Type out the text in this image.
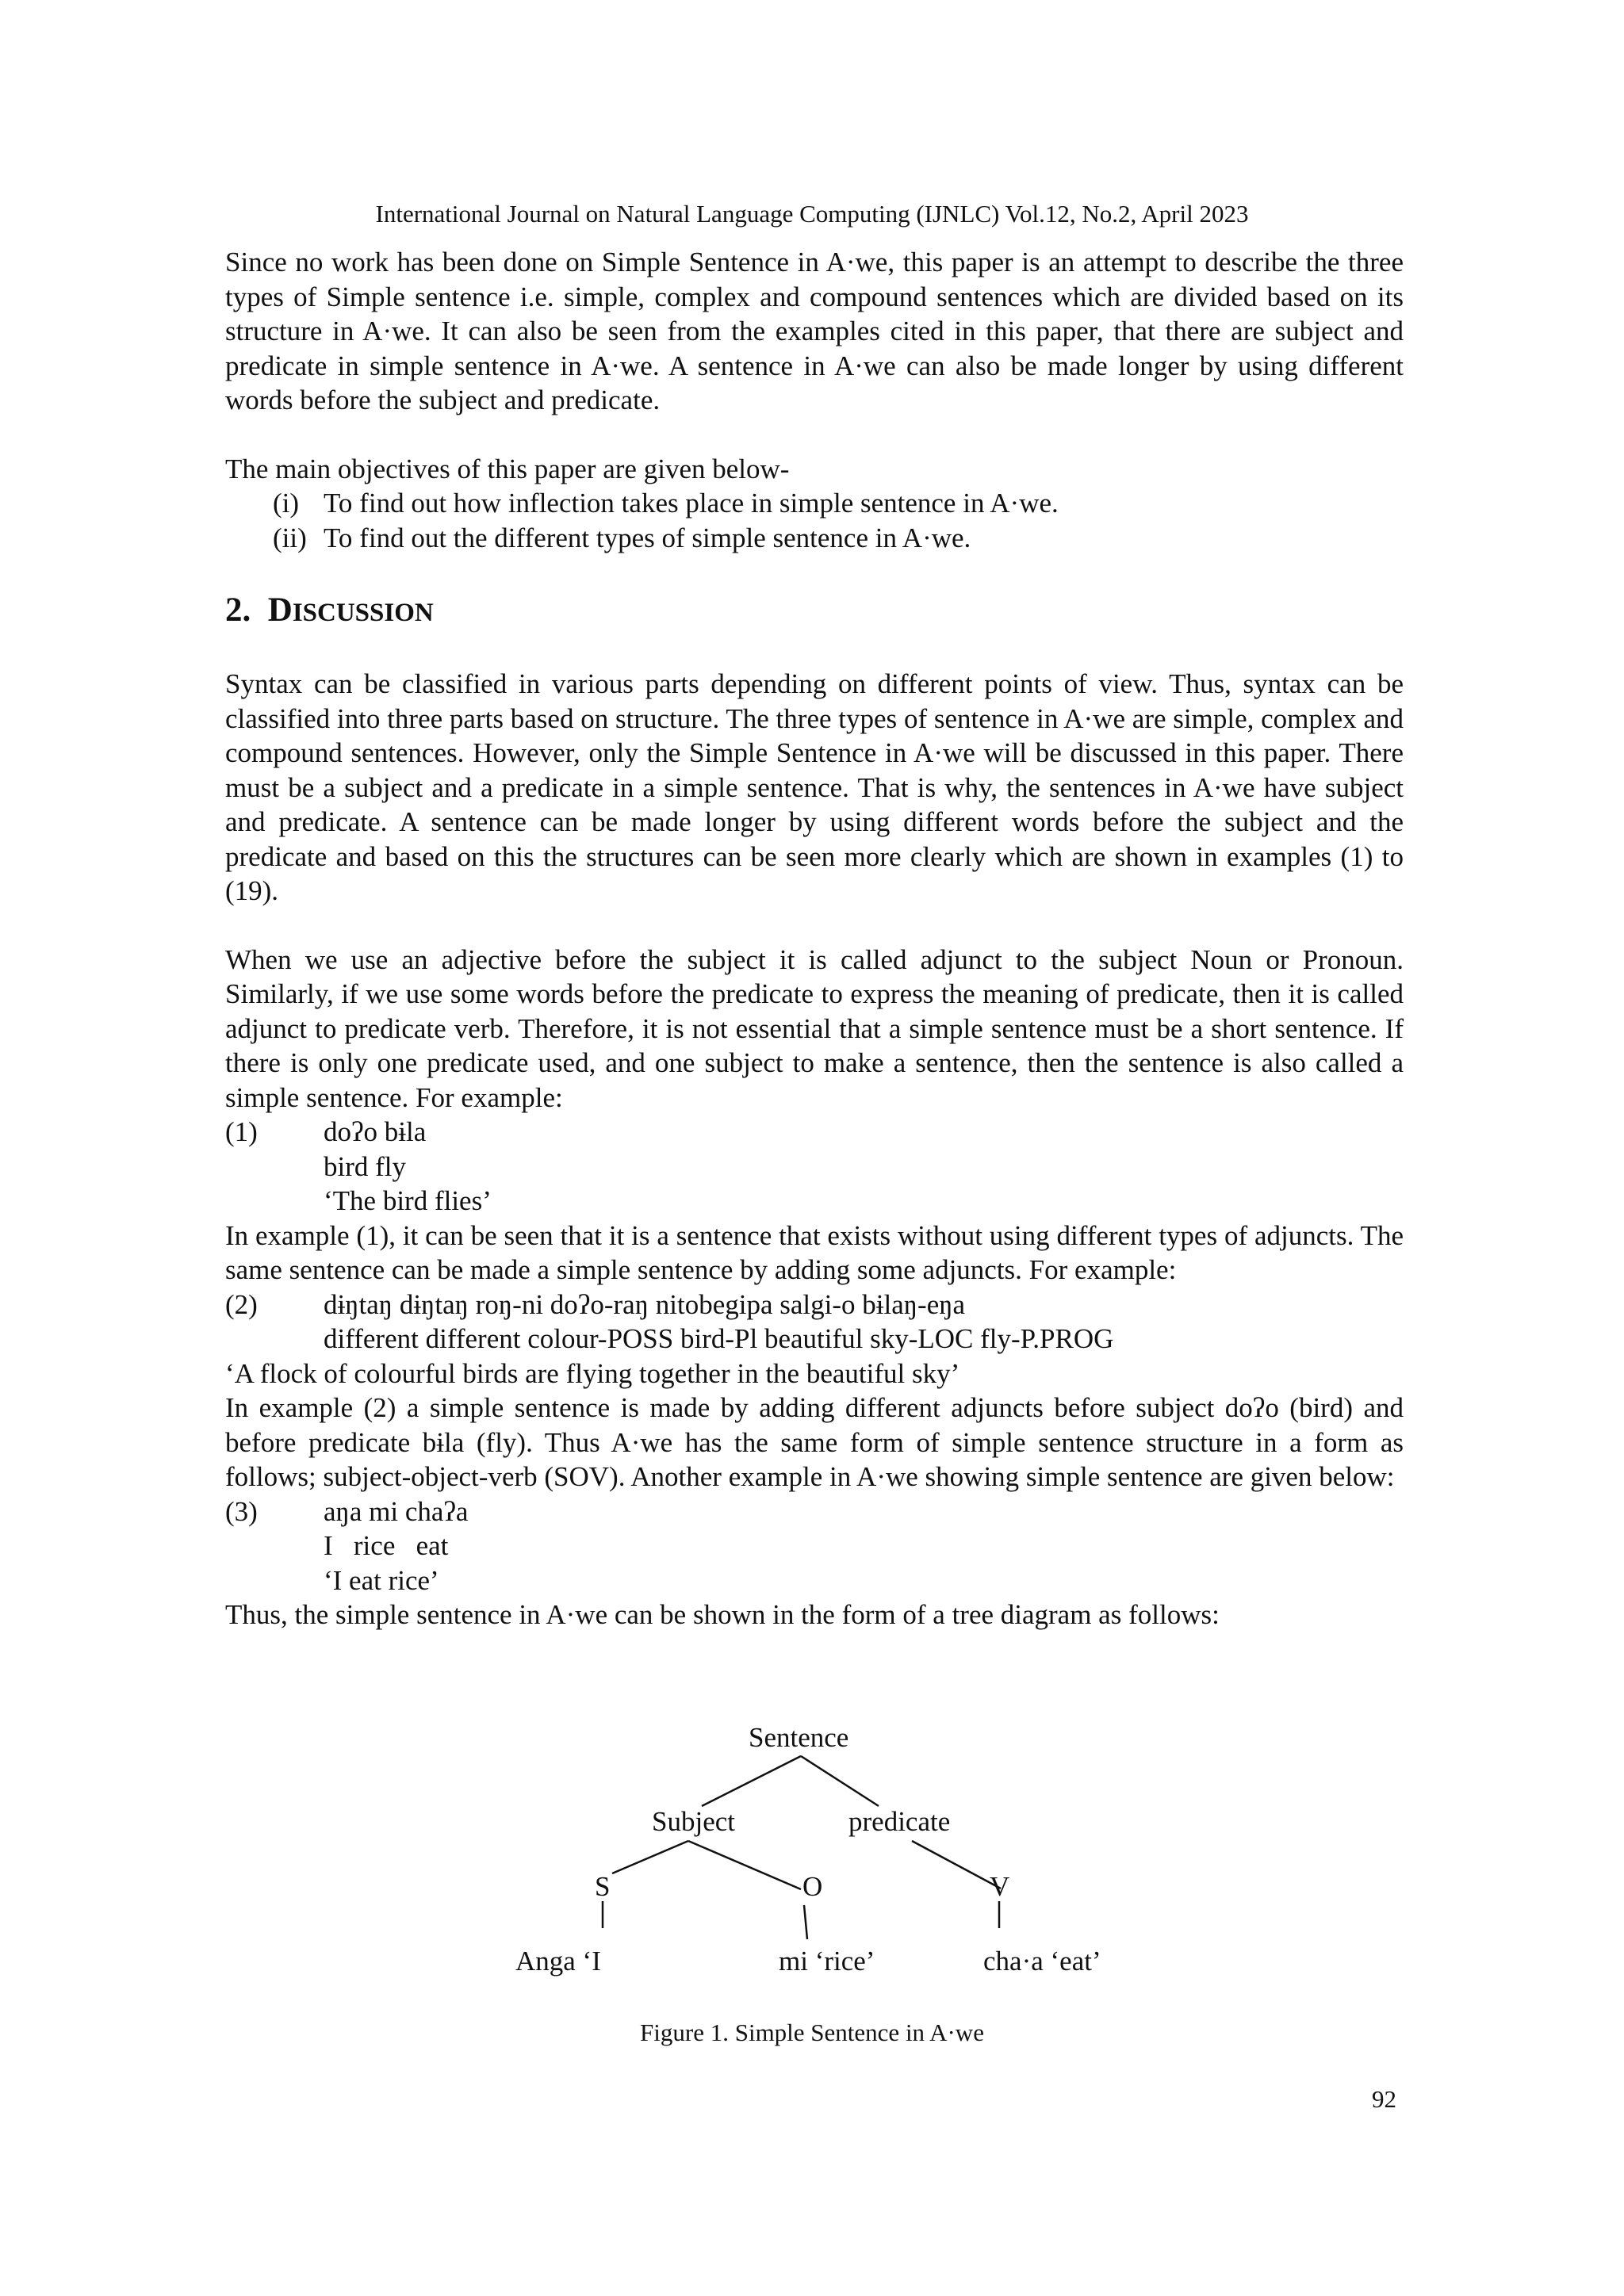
International Journal on Natural Language Computing (IJNLC) Vol.12, No.2, April 2023

Since no work has been done on Simple Sentence in A·we, this paper is an attempt to describe the three types of Simple sentence i.e. simple, complex and compound sentences which are divided based on its structure in A·we. It can also be seen from the examples cited in this paper, that there are subject and predicate in simple sentence in A·we. A sentence in A·we can also be made longer by using different words before the subject and predicate.

The main objectives of this paper are given below-

(i) To find out how inflection takes place in simple sentence in A·we.
(ii) To find out the different types of simple sentence in A·we.
2. DISCUSSION

Syntax can be classified in various parts depending on different points of view. Thus, syntax can be classified into three parts based on structure. The three types of sentence in A·we are simple, complex and compound sentences. However, only the Simple Sentence in A·we will be discussed in this paper. There must be a subject and a predicate in a simple sentence. That is why, the sentences in A·we have subject and predicate. A sentence can be made longer by using different words before the subject and the predicate and based on this the structures can be seen more clearly which are shown in examples (1) to (19).

When we use an adjective before the subject it is called adjunct to the subject Noun or Pronoun. Similarly, if we use some words before the predicate to express the meaning of predicate, then it is called adjunct to predicate verb. Therefore, it is not essential that a simple sentence must be a short sentence. If there is only one predicate used, and one subject to make a sentence, then the sentence is also called a simple sentence. For example:

(1)	doʔo bɨla
bird fly
‘The bird flies’

In example (1), it can be seen that it is a sentence that exists without using different types of adjuncts. The same sentence can be made a simple sentence by adding some adjuncts. For example:

(2)	dɨŋtaŋ dɨŋtaŋ roŋ-ni doʔo-raŋ nitobegipa salgi-o bɨlaŋ-eŋa
different different colour-POSS bird-Pl beautiful sky-LOC fly-P.PROG
‘A flock of colourful birds are flying together in the beautiful sky’

In example (2) a simple sentence is made by adding different adjuncts before subject doʔo (bird) and before predicate bɨla (fly). Thus A·we has the same form of simple sentence structure in a form as follows; subject-object-verb (SOV). Another example in A·we showing simple sentence are given below:

(3)	aŋa mi chaʔa
I   rice   eat
‘I eat rice’

Thus, the simple sentence in A·we can be shown in the form of a tree diagram as follows:

Sentence
Subject	predicate
S	O	V
Anga ‘I	mi ‘rice’	cha·a ‘eat’
Figure 1. Simple Sentence in A·we
92
